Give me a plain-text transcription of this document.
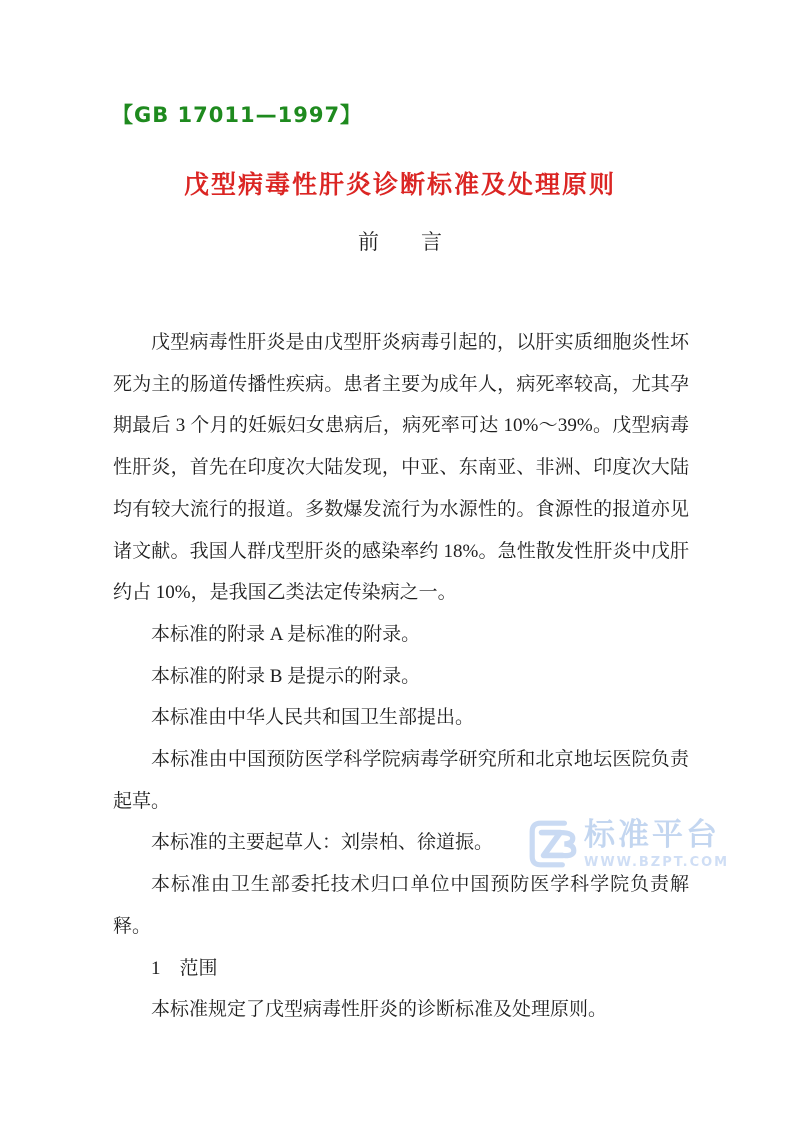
【GB 17011—1997】
戊型病毒性肝炎诊断标准及处理原则
前　　言
标准平台
WWW.BZPT.COM

戊型病毒性肝炎是由戊型肝炎病毒引起的，以肝实质细胞炎性坏死为主的肠道传播性疾病。患者主要为成年人，病死率较高，尤其孕期最后 3 个月的妊娠妇女患病后，病死率可达 10%～39%。戊型病毒性肝炎，首先在印度次大陆发现，中亚、东南亚、非洲、印度次大陆均有较大流行的报道。多数爆发流行为水源性的。食源性的报道亦见诸文献。我国人群戊型肝炎的感染率约 18%。急性散发性肝炎中戊肝约占 10%，是我国乙类法定传染病之一。

本标准的附录 A 是标准的附录。

本标准的附录 B 是提示的附录。

本标准由中华人民共和国卫生部提出。

本标准由中国预防医学科学院病毒学研究所和北京地坛医院负责起草。

本标准的主要起草人：刘崇柏、徐道振。

本标准由卫生部委托技术归口单位中国预防医学科学院负责解释。

1　范围

本标准规定了戊型病毒性肝炎的诊断标准及处理原则。
